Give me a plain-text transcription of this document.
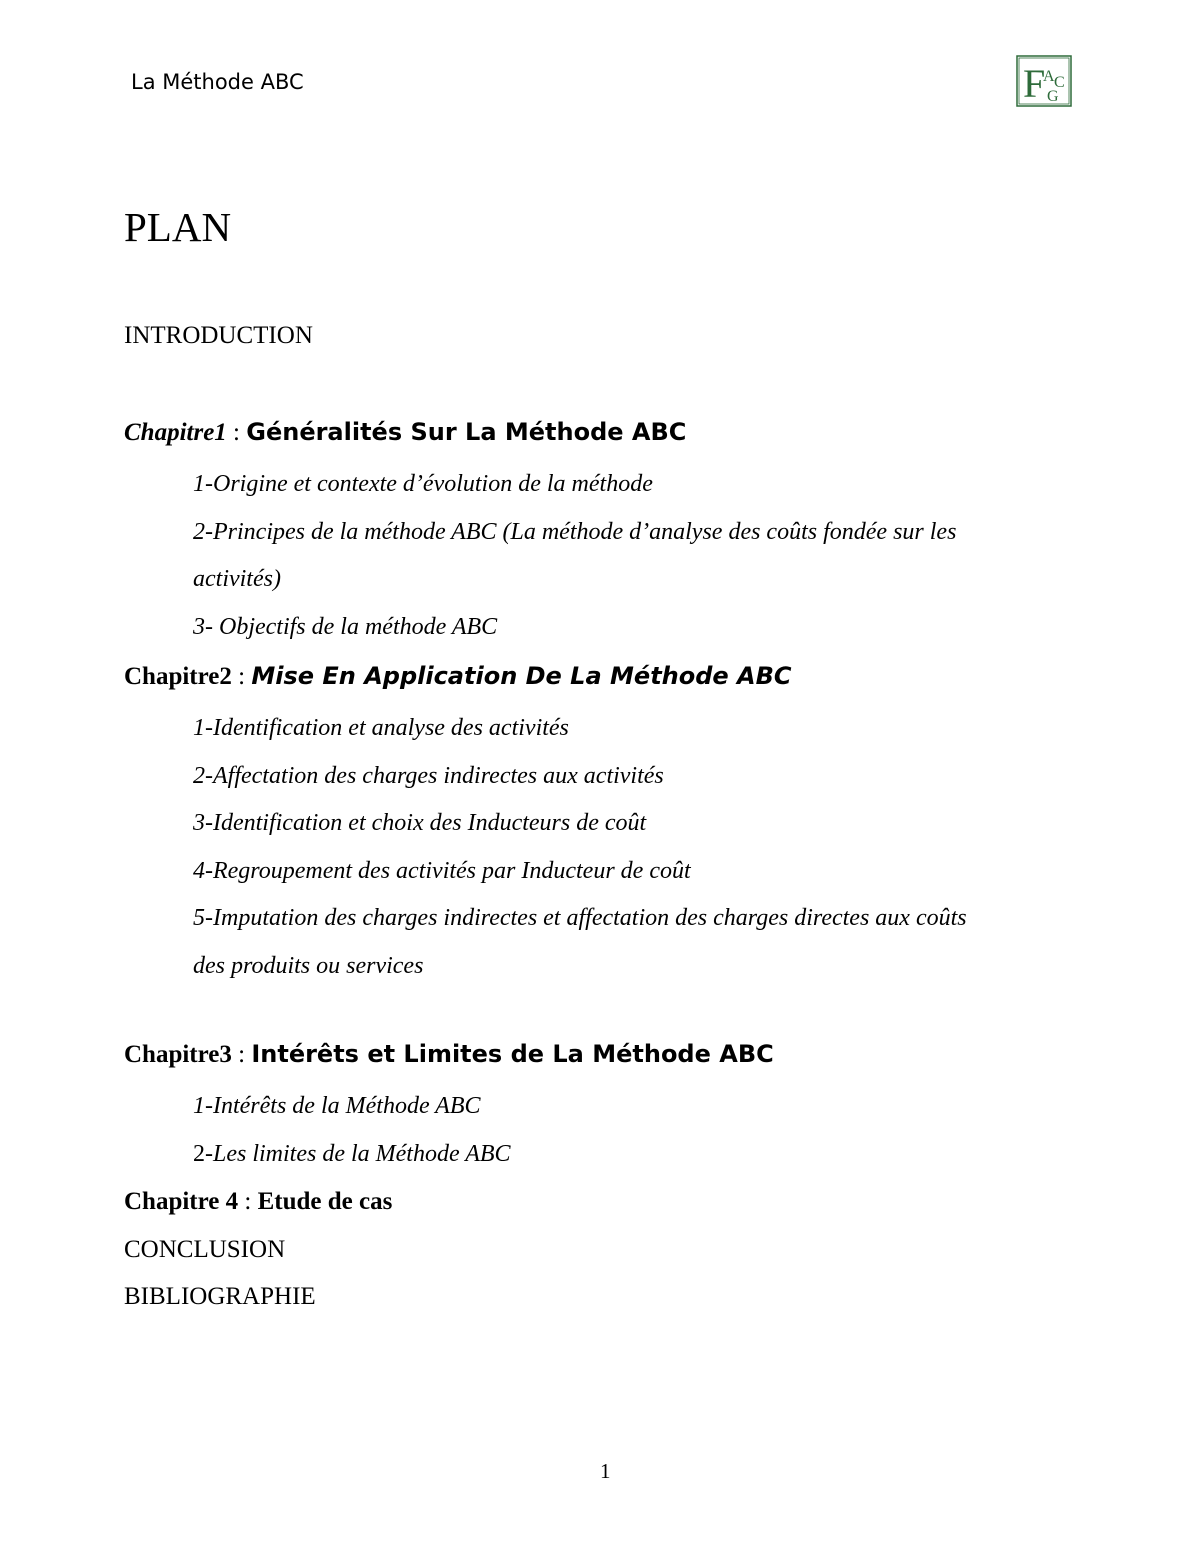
La Méthode ABC	F
A C
G
PLAN
INTRODUCTION
Chapitre1 : Généralités Sur La Méthode ABC
1-Origine et contexte d’évolution de la méthode
2-Principes de la méthode ABC (La méthode d’analyse des coûts fondée sur les
activités)
3- Objectifs de la méthode ABC
Chapitre2 : Mise En Application De La Méthode ABC
1-Identification et analyse des activités
2-Affectation des charges indirectes aux activités
3-Identification et choix des Inducteurs de coût
4-Regroupement des activités par Inducteur de coût
5-Imputation des charges indirectes et affectation des charges directes aux coûts
des produits ou services
Chapitre3 : Intérêts et Limites de La Méthode ABC
1-Intérêts de la Méthode ABC
2-Les limites de la Méthode ABC
Chapitre 4 : Etude de cas
CONCLUSION
BIBLIOGRAPHIE
1
